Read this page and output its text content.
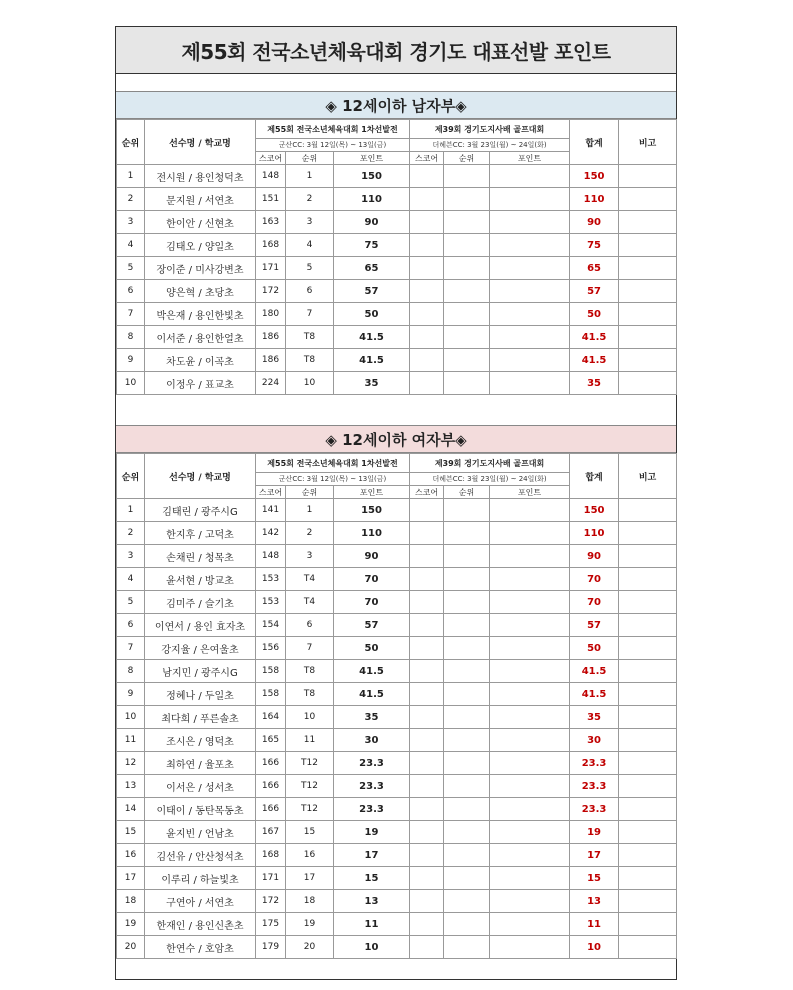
제55회 전국소년체육대회 경기도 대표선발 포인트
◈ 12세이하 남자부◈
순위	선수명 / 학교명	제55회 전국소년체육대회 1차선발전			제39회 경기도지사배 골프대회			합계	비고
		군산CC: 3월 12일(목) ~ 13일(금)			더헤븐CC: 3월 23일(월) ~ 24일(화)				
		스코어	순위	포인트	스코어	순위	포인트		
1	전시원 / 용인청덕초	148	1	150				150	
2	문지원 / 서연초	151	2	110				110	
3	한이안 / 신현초	163	3	90				90	
4	김태오 / 양일초	168	4	75				75	
5	장이준 / 미사강변초	171	5	65				65	
6	양은혁 / 초당초	172	6	57				57	
7	박은재 / 용인한빛초	180	7	50				50	
8	이서준 / 용인한얼초	186	T8	41.5				41.5	
9	차도윤 / 이곡초	186	T8	41.5				41.5	
10	이정우 / 표교초	224	10	35				35	
◈ 12세이하 여자부◈
순위	선수명 / 학교명	제55회 전국소년체육대회 1차선발전			제39회 경기도지사배 골프대회			합계	비고
		군산CC: 3월 12일(목) ~ 13일(금)			더헤븐CC: 3월 23일(월) ~ 24일(화)				
		스코어	순위	포인트	스코어	순위	포인트		
1	김태린 / 광주시G	141	1	150				150	
2	한지후 / 고덕초	142	2	110				110	
3	손채린 / 청목초	148	3	90				90	
4	윤서현 / 방교초	153	T4	70				70	
5	김미주 / 슬기초	153	T4	70				70	
6	이연서 / 용인 효자초	154	6	57				57	
7	강지율 / 은여울초	156	7	50				50	
8	남지민 / 광주시G	158	T8	41.5				41.5	
9	정혜나 / 두일초	158	T8	41.5				41.5	
10	최다희 / 푸른솔초	164	10	35				35	
11	조시은 / 영덕초	165	11	30				30	
12	최하연 / 율포초	166	T12	23.3				23.3	
13	이서은 / 성서초	166	T12	23.3				23.3	
14	이태이 / 동탄목동초	166	T12	23.3				23.3	
15	윤지빈 / 언남초	167	15	19				19	
16	김선유 / 안산청석초	168	16	17				17	
17	이루리 / 하늘빛초	171	17	15				15	
18	구연아 / 서연초	172	18	13				13	
19	한재인 / 용인신촌초	175	19	11				11	
20	한연수 / 호암초	179	20	10				10	
